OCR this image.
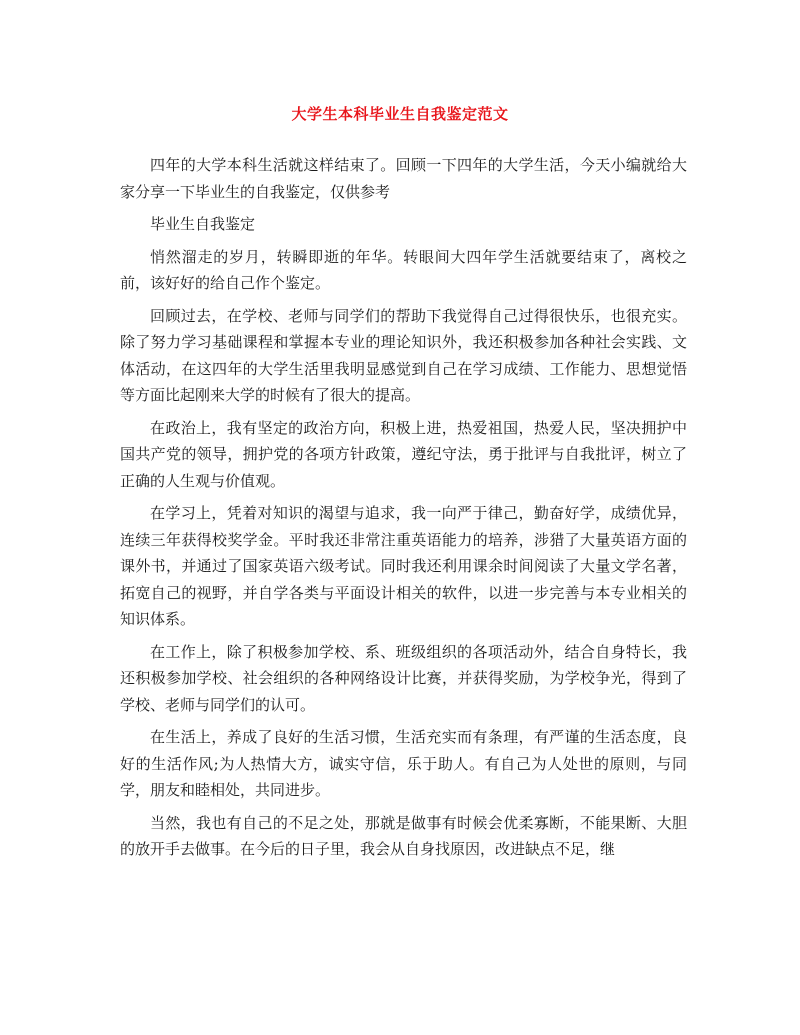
大学生本科毕业生自我鉴定范文

四年的大学本科生活就这样结束了。回顾一下四年的大学生活，今天小编就给大家分享一下毕业生的自我鉴定，仅供参考

毕业生自我鉴定

悄然溜走的岁月，转瞬即逝的年华。转眼间大四年学生活就要结束了，离校之前，该好好的给自己作个鉴定。

回顾过去，在学校、老师与同学们的帮助下我觉得自己过得很快乐，也很充实。除了努力学习基础课程和掌握本专业的理论知识外，我还积极参加各种社会实践、文体活动，在这四年的大学生活里我明显感觉到自己在学习成绩、工作能力、思想觉悟等方面比起刚来大学的时候有了很大的提高。

在政治上，我有坚定的政治方向，积极上进，热爱祖国，热爱人民，坚决拥护中国共产党的领导，拥护党的各项方针政策，遵纪守法，勇于批评与自我批评，树立了正确的人生观与价值观。

在学习上，凭着对知识的渴望与追求，我一向严于律己，勤奋好学，成绩优异，连续三年获得校奖学金。平时我还非常注重英语能力的培养，涉猎了大量英语方面的课外书，并通过了国家英语六级考试。同时我还利用课余时间阅读了大量文学名著，拓宽自己的视野，并自学各类与平面设计相关的软件，以进一步完善与本专业相关的知识体系。

在工作上，除了积极参加学校、系、班级组织的各项活动外，结合自身特长，我还积极参加学校、社会组织的各种网络设计比赛，并获得奖励，为学校争光，得到了学校、老师与同学们的认可。

在生活上，养成了良好的生活习惯，生活充实而有条理，有严谨的生活态度，良好的生活作风;为人热情大方，诚实守信，乐于助人。有自己为人处世的原则，与同学，朋友和睦相处，共同进步。

当然，我也有自己的不足之处，那就是做事有时候会优柔寡断，不能果断、大胆的放开手去做事。在今后的日子里，我会从自身找原因，改进缺点不足，继
